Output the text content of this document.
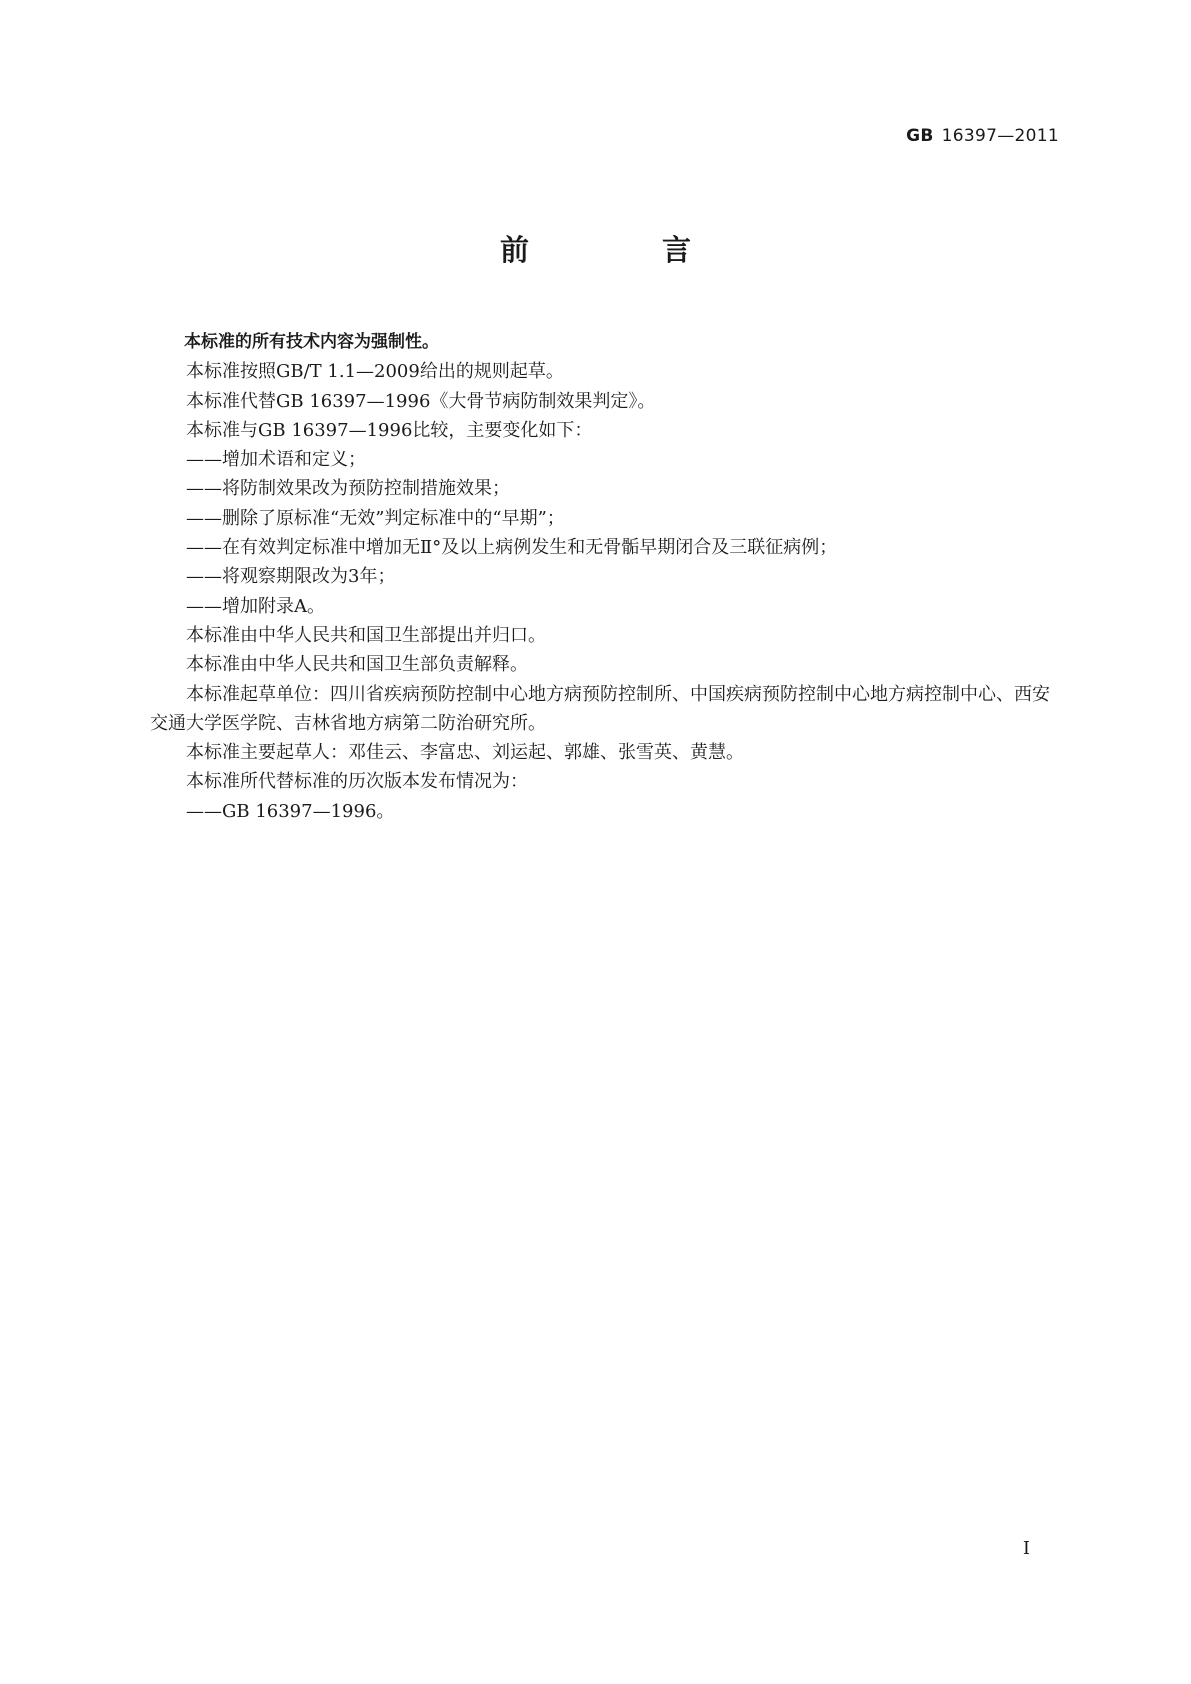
GB 16397—2011
前　言

本标准的所有技术内容为强制性。

本标准按照GB/T 1.1—2009给出的规则起草。

本标准代替GB 16397—1996《大骨节病防制效果判定》。

本标准与GB 16397—1996比较，主要变化如下：

——增加术语和定义；

——将防制效果改为预防控制措施效果；

——删除了原标准“无效”判定标准中的“早期”；

——在有效判定标准中增加无Ⅱ°及以上病例发生和无骨骺早期闭合及三联征病例；

——将观察期限改为3年；

——增加附录A。

本标准由中华人民共和国卫生部提出并归口。

本标准由中华人民共和国卫生部负责解释。

本标准起草单位：四川省疾病预防控制中心地方病预防控制所、中国疾病预防控制中心地方病控制中心、西安交通大学医学院、吉林省地方病第二防治研究所。

本标准主要起草人：邓佳云、李富忠、刘运起、郭雄、张雪英、黄慧。

本标准所代替标准的历次版本发布情况为：

——GB 16397—1996。

I
